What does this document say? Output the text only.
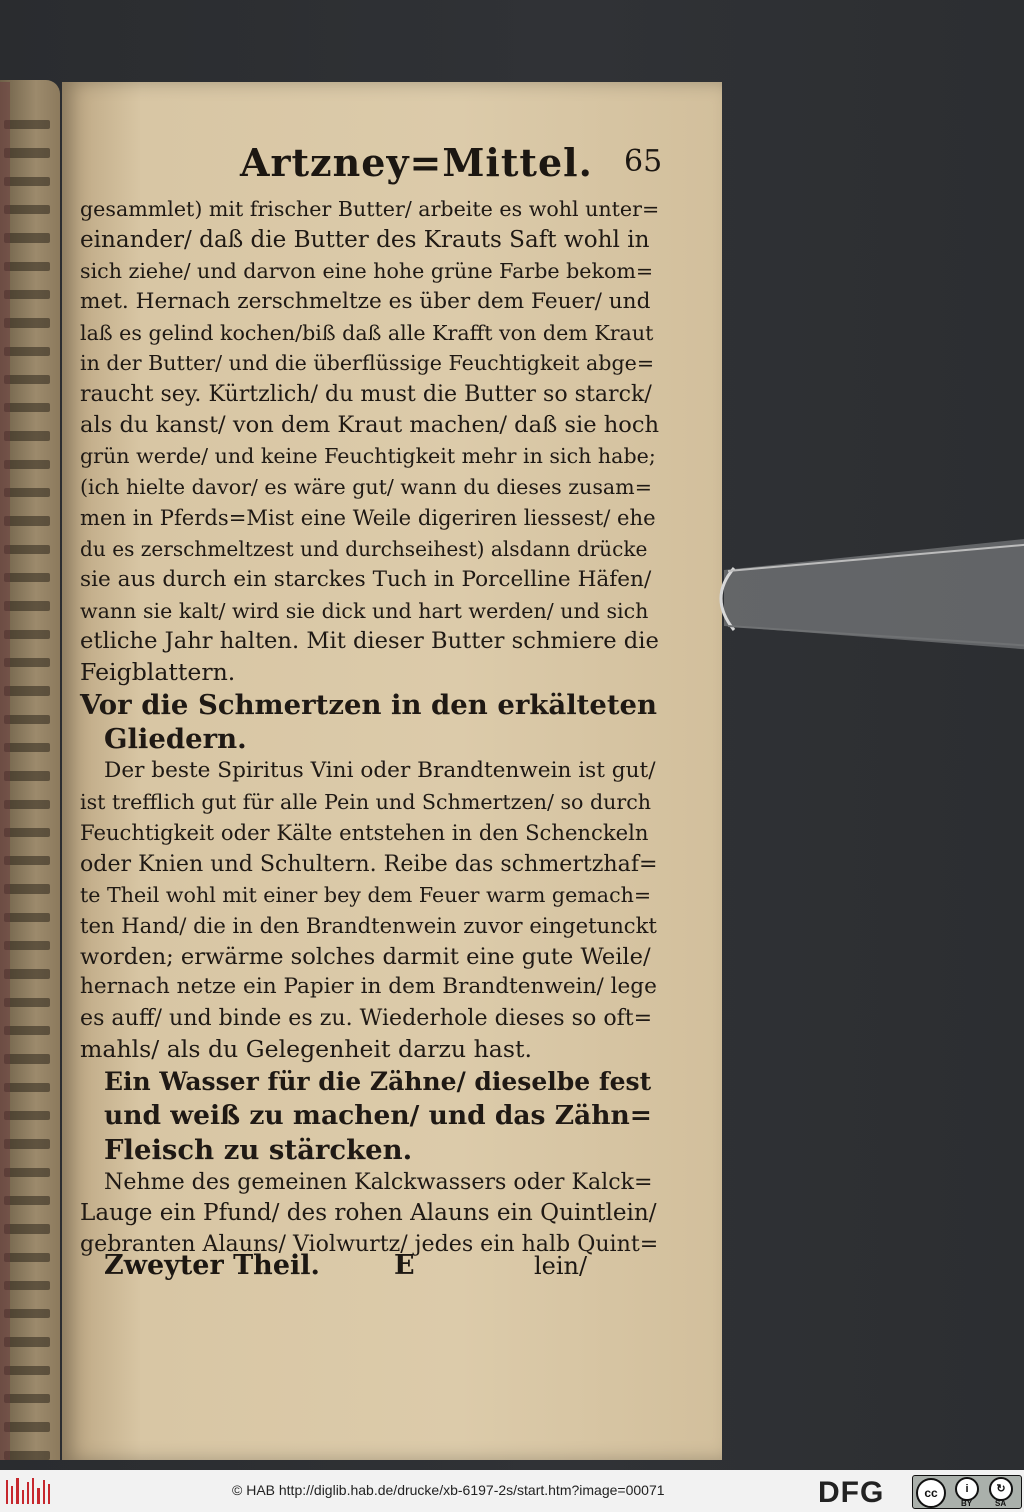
Artzney=Mittel. 65
gesammlet) mit frischer Butter/ arbeite es wohl unter=
einander/ daß die Butter des Krauts Saft wohl in
sich ziehe/ und darvon eine hohe grüne Farbe bekom=
met. Hernach zerschmeltze es über dem Feuer/ und
laß es gelind kochen/biß daß alle Krafft von dem Kraut
in der Butter/ und die überflüssige Feuchtigkeit abge=
raucht sey. Kürtzlich/ du must die Butter so starck/
als du kanst/ von dem Kraut machen/ daß sie hoch
grün werde/ und keine Feuchtigkeit mehr in sich habe;
(ich hielte davor/ es wäre gut/ wann du dieses zusam=
men in Pferds=Mist eine Weile digeriren liessest/ ehe
du es zerschmeltzest und durchseihest) alsdann drücke
sie aus durch ein starckes Tuch in Porcelline Häfen/
wann sie kalt/ wird sie dick und hart werden/ und sich
etliche Jahr halten. Mit dieser Butter schmiere die
Feigblattern.
Vor die Schmertzen in den erkälteten
Gliedern.
Der beste Spiritus Vini oder Brandtenwein ist gut/
ist trefflich gut für alle Pein und Schmertzen/ so durch
Feuchtigkeit oder Kälte entstehen in den Schenckeln
oder Knien und Schultern. Reibe das schmertzhaf=
te Theil wohl mit einer bey dem Feuer warm gemach=
ten Hand/ die in den Brandtenwein zuvor eingetunckt
worden; erwärme solches darmit eine gute Weile/
hernach netze ein Papier in dem Brandtenwein/ lege
es auff/ und binde es zu. Wiederhole dieses so oft=
mahls/ als du Gelegenheit darzu hast.
Ein Wasser für die Zähne/ dieselbe fest
und weiß zu machen/ und das Zähn=
Fleisch zu stärcken.
Nehme des gemeinen Kalckwassers oder Kalck=
Lauge ein Pfund/ des rohen Alauns ein Quintlein/
gebranten Alauns/ Violwurtz/ jedes ein halb Quint=
Zweyter Theil.	E	lein/
© HAB http://diglib.hab.de/drucke/xb-6197-2s/start.htm?image=00071	DFG	cc	i	↻
BY	SA
